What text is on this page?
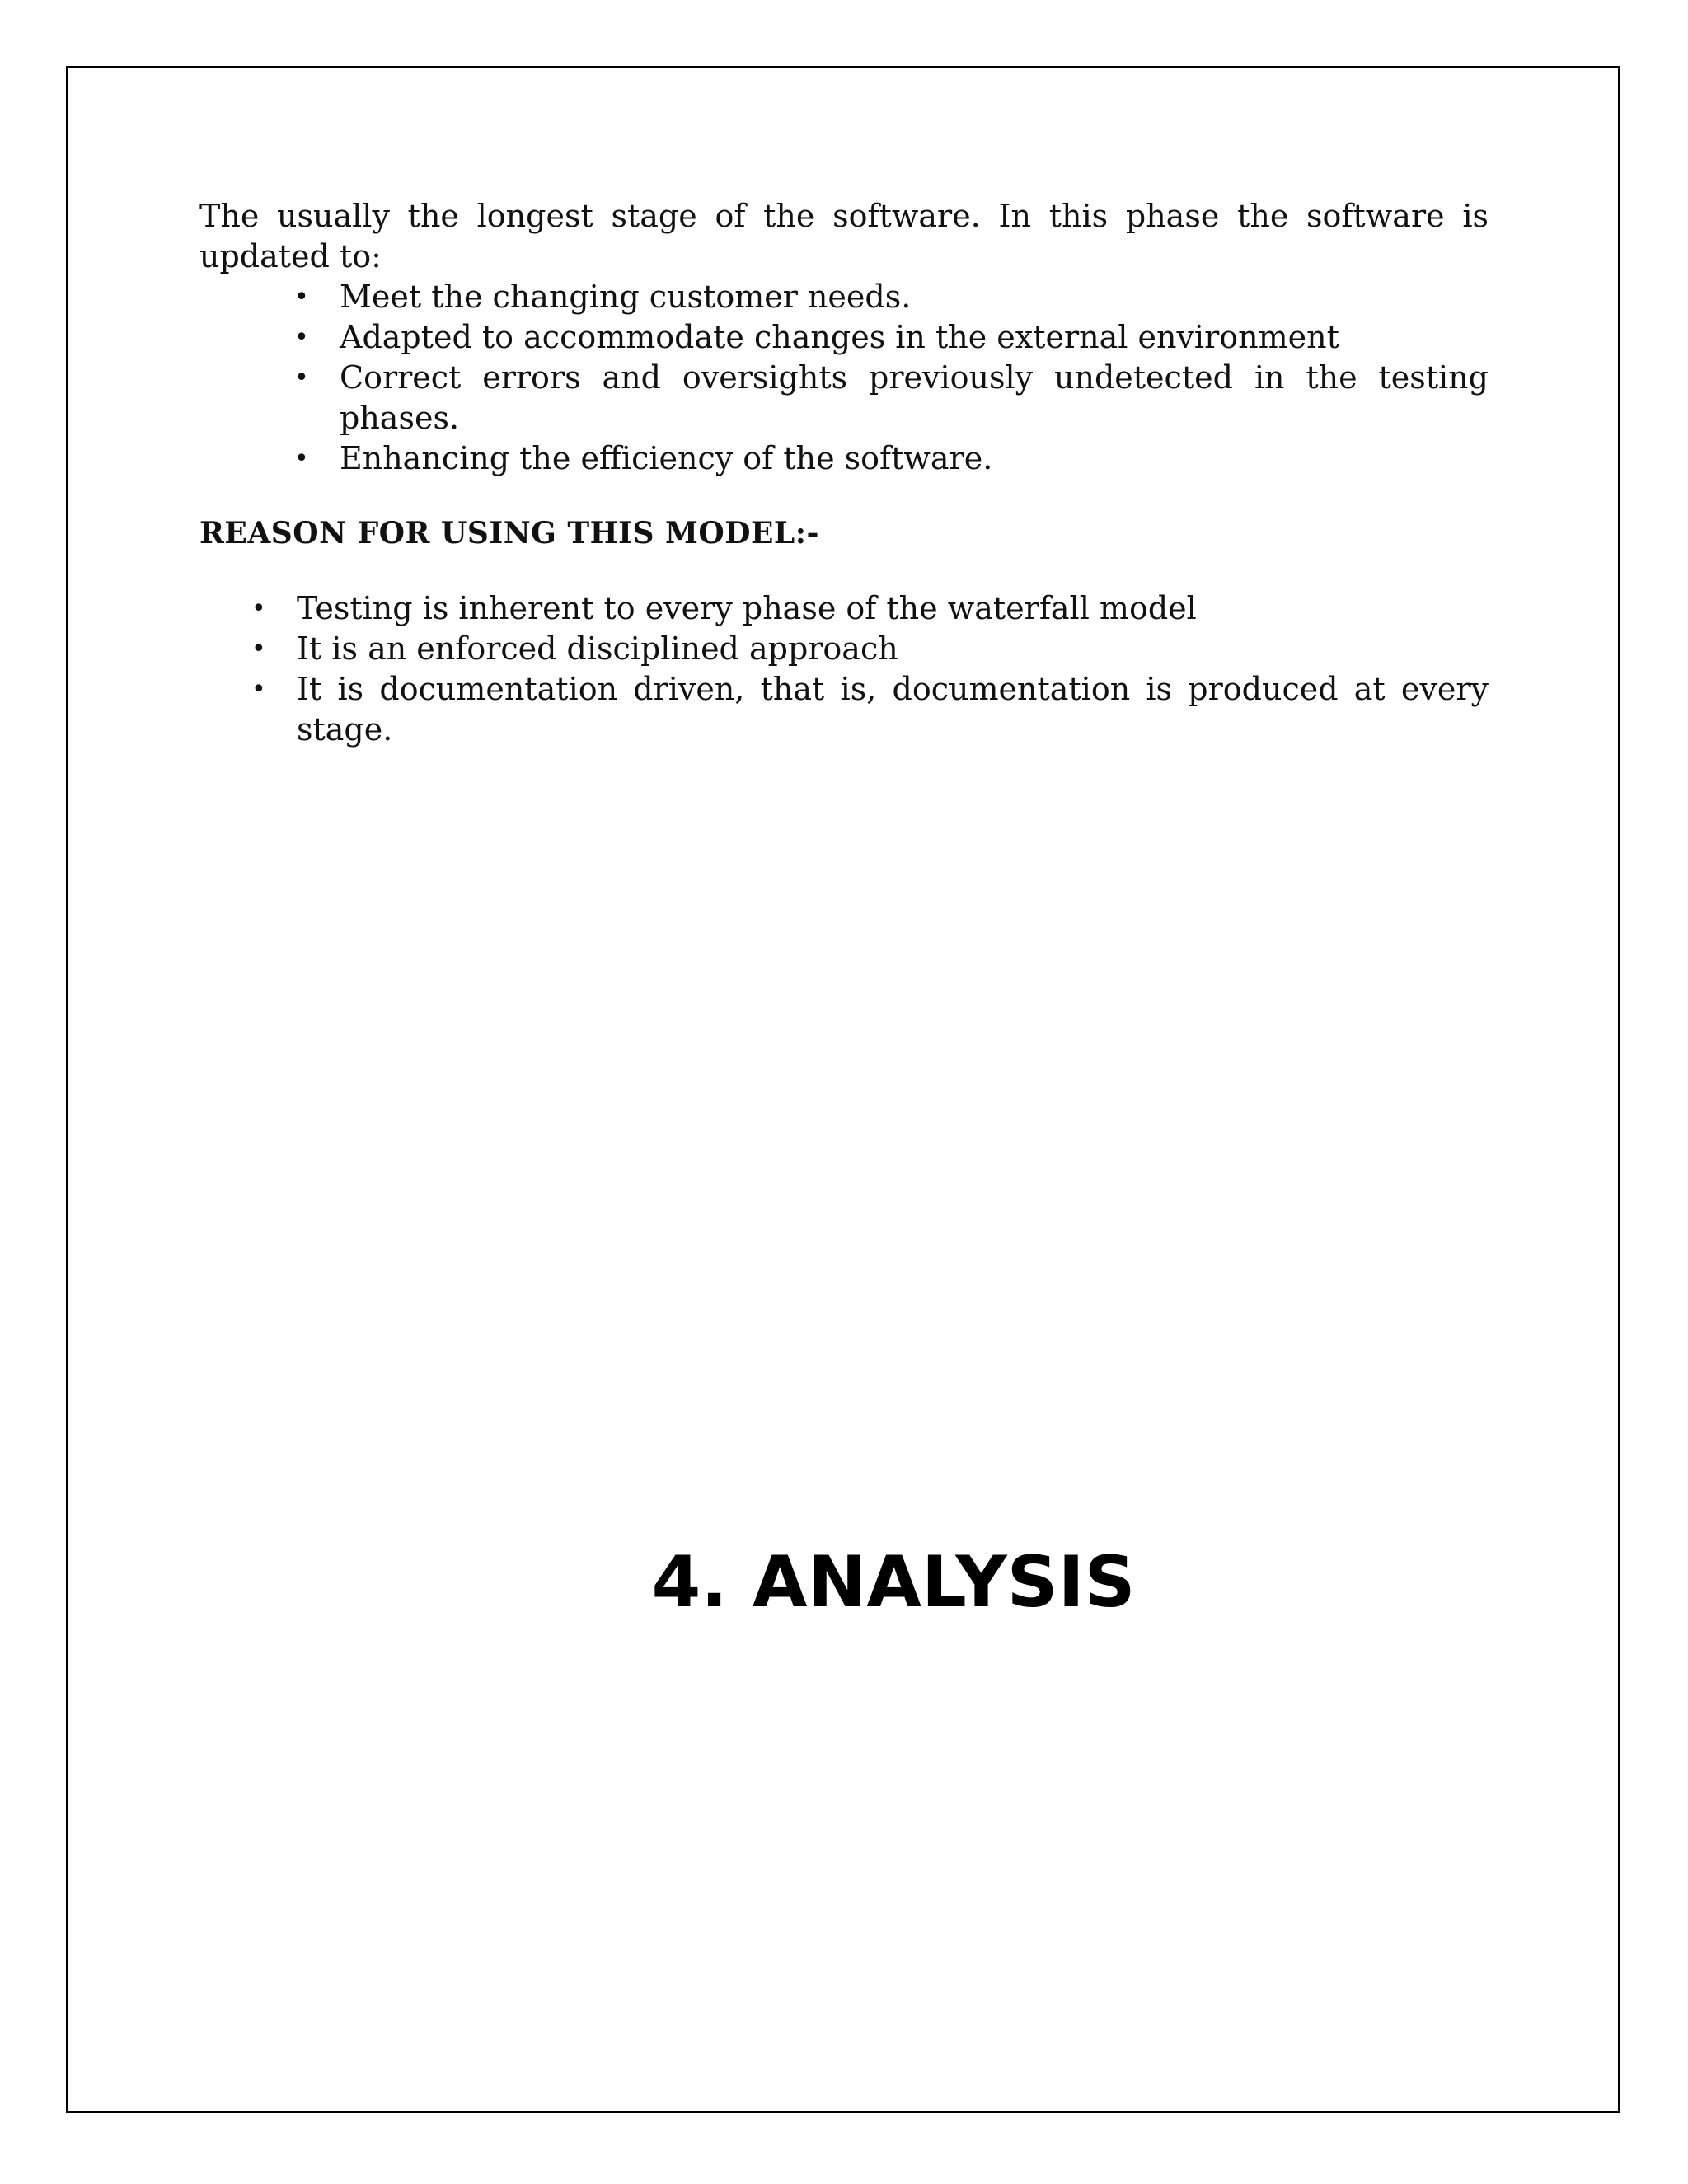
The usually the longest stage of the software. In this phase the software is
updated to:

• Meet the changing customer needs.
• Adapted to accommodate changes in the external environment
• Correct errors and oversights previously undetected in the testing phases.
• Enhancing the efficiency of the software.
REASON FOR USING THIS MODEL:-
• Testing is inherent to every phase of the waterfall model
• It is an enforced disciplined approach
• It is documentation driven, that is, documentation is produced at every stage.
4. ANALYSIS
